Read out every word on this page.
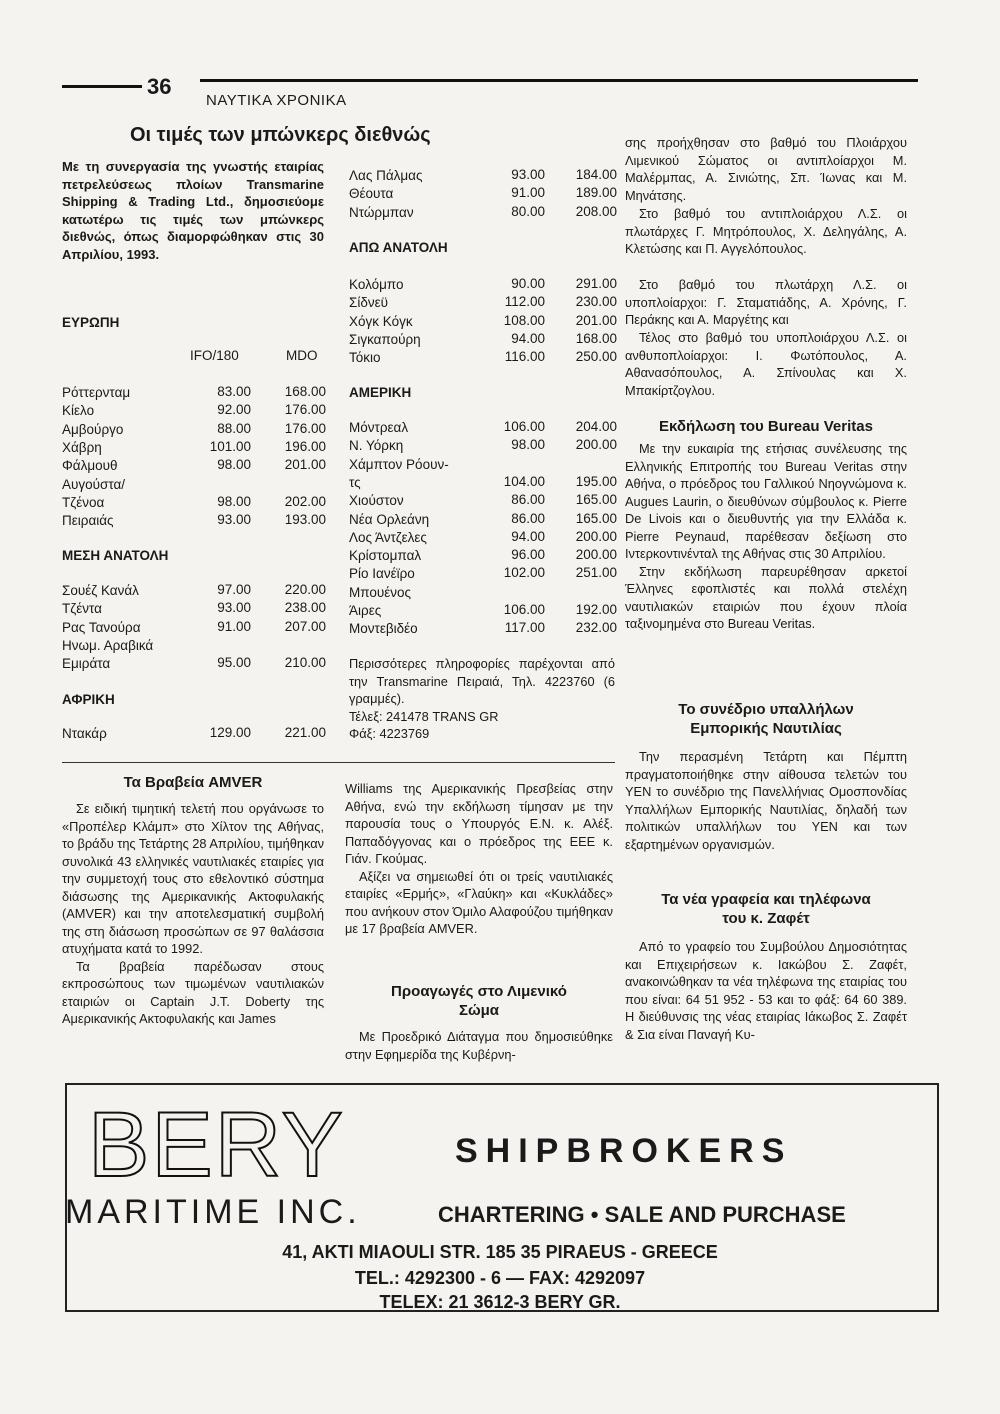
36
ΝΑΥΤΙΚΑ ΧΡΟΝΙΚΑ
Οι τιμές των μπώνκερς διεθνώς
Με τη συνεργασία της γνωστής εταιρίας πετρελεύσεως πλοίων Transmarine Shipping & Trading Ltd., δημοσιεύομε κατωτέρω τις τιμές των μπώνκερς διεθνώς, όπως διαμορφώθηκαν στις 30 Απριλίου, 1993.
ΕΥΡΩΠΗ
IFO/180	MDO
Ρόττερνταμ	83.00	168.00
Κίελο	92.00	176.00
Αμβούργο	88.00	176.00
Χάβρη	101.00	196.00
Φάλμουθ	98.00	201.00
Αυγούστα/
Τζένοα	98.00	202.00
Πειραιάς	93.00	193.00
ΜΕΣΗ ΑΝΑΤΟΛΗ
Σουέζ Κανάλ	97.00	220.00
Τζέντα	93.00	238.00
Ρας Τανούρα	91.00	207.00
Ηνωμ. Αραβικά
Εμιράτα	95.00	210.00
ΑΦΡΙΚΗ
Ντακάρ	129.00	221.00
Λας Πάλμας	93.00	184.00
Θέουτα	91.00	189.00
Ντώρμπαν	80.00	208.00
ΑΠΩ ΑΝΑΤΟΛΗ
Κολόμπο	90.00	291.00
Σίδνεϋ	112.00	230.00
Χόγκ Κόγκ	108.00	201.00
Σιγκαπούρη	94.00	168.00
Τόκιο	116.00	250.00
ΑΜΕΡΙΚΗ
Μόντρεαλ	106.00	204.00
Ν. Υόρκη	98.00	200.00
Χάμπτον Ρόουν-
τς	104.00	195.00
Χιούστον	86.00	165.00
Νέα Ορλεάνη	86.00	165.00
Λος Άντζελες	94.00	200.00
Κρίστομπαλ	96.00	200.00
Ρίο Ιανέϊρο	102.00	251.00
Μπουένος
Άιρες	106.00	192.00
Μοντεβιδέο	117.00	232.00
Περισσότερες πληροφορίες παρέχονται από την Transmarine Πειραιά, Τηλ. 4223760 (6 γραμμές).
Τέλεξ: 241478 TRANS GR
Φάξ: 4223769

σης προήχθησαν στο βαθμό του Πλοιάρχου Λιμενικού Σώματος οι αντιπλοίαρχοι Μ. Μαλέρμπας, Α. Σινιώτης, Σπ. Ίωνας και Μ. Μηνάτσης.

Στο βαθμό του αντιπλοιάρχου Λ.Σ. οι πλωτάρχες Γ. Μητρόπουλος, Χ. Δεληγάλης, Α. Κλετώσης και Π. Αγγελόπουλος.

Στο βαθμό του πλωτάρχη Λ.Σ. οι υποπλοίαρχοι: Γ. Σταματιάδης, Α. Χρόνης, Γ. Περάκης και Α. Μαργέτης και

Τέλος στο βαθμό του υποπλοιάρχου Λ.Σ. οι ανθυποπλοίαρχοι: Ι. Φωτόπουλος, Α. Αθανασόπουλος, Α. Σπίνουλας και Χ. Μπακίρτζογλου.

Εκδήλωση του Bureau Veritas

Με την ευκαιρία της ετήσιας συνέλευσης της Ελληνικής Επιτροπής του Bureau Veritas στην Αθήνα, ο πρόεδρος του Γαλλικού Νηογνώμονα κ. Augues Laurin, ο διευθύνων σύμβουλος κ. Pierre De Livois και ο διευθυντής για την Ελλάδα κ. Pierre Peynaud, παρέθεσαν δεξίωση στο Ιντερκοντινένταλ της Αθήνας στις 30 Απριλίου.

Στην εκδήλωση παρευρέθησαν αρκετοί Έλληνες εφοπλιστές και πολλά στελέχη ναυτιλιακών εταιριών που έχουν πλοία ταξινομημένα στο Bureau Veritas.

Το συνέδριο υπαλλήλων
Εμπορικής Ναυτιλίας

Την περασμένη Τετάρτη και Πέμπτη πραγματοποιήθηκε στην αίθουσα τελετών του ΥΕΝ το συνέδριο της Πανελλήνιας Ομοσπονδίας Υπαλλήλων Εμπορικής Ναυτιλίας, δηλαδή των πολιτικών υπαλλήλων του ΥΕΝ και των εξαρτημένων οργανισμών.

Τα νέα γραφεία και τηλέφωνα
του κ. Ζαφέτ

Από το γραφείο του Συμβούλου Δημοσιότητας και Επιχειρήσεων κ. Ιακώβου Σ. Ζαφέτ, ανακοινώθηκαν τα νέα τηλέφωνα της εταιρίας του που είναι: 64 51 952 - 53 και το φάξ: 64 60 389. Η διεύθυνσις της νέας εταιρίας Ιάκωβος Σ. Ζαφέτ & Σια είναι Παναγή Κυ-

Τα Βραβεία AMVER

Σε ειδική τιμητική τελετή που οργάνωσε το «Προπέλερ Κλάμπ» στο Χίλτον της Αθήνας, το βράδυ της Τετάρτης 28 Απριλίου, τιμήθηκαν συνολικά 43 ελληνικές ναυτιλιακές εταιρίες για την συμμετοχή τους στο εθελοντικό σύστημα διάσωσης της Αμερικανικής Ακτοφυλακής (AMVER) και την αποτελεσματική συμβολή της στη διάσωση προσώπων σε 97 θαλάσσια ατυχήματα κατά το 1992.

Τα βραβεία παρέδωσαν στους εκπροσώπους των τιμωμένων ναυτιλιακών εταιριών οι Captain J.T. Doberty της Αμερικανικής Ακτοφυλακής και James

Williams της Αμερικανικής Πρεσβείας στην Αθήνα, ενώ την εκδήλωση τίμησαν με την παρουσία τους ο Υπουργός Ε.Ν. κ. Αλέξ. Παπαδόγγονας και ο πρόεδρος της ΕΕΕ κ. Γιάν. Γκούμας.

Αξίζει να σημειωθεί ότι οι τρείς ναυτιλιακές εταιρίες «Ερμής», «Γλαύκη» και «Κυκλάδες» που ανήκουν στον Όμιλο Αλαφούζου τιμήθηκαν με 17 βραβεία AMVER.

Προαγωγές στο Λιμενικό
Σώμα

Με Προεδρικό Διάταγμα που δημοσιεύθηκε στην Εφημερίδα της Κυβέρνη-

BERY	SHIPBROKERS
MARITIME INC.	CHARTERING • SALE AND PURCHASE
41, AKTI MIAOULI STR. 185 35 PIRAEUS - GREECE
TEL.: 4292300 - 6 — FAX: 4292097
TELEX: 21 3612-3 BERY GR.
